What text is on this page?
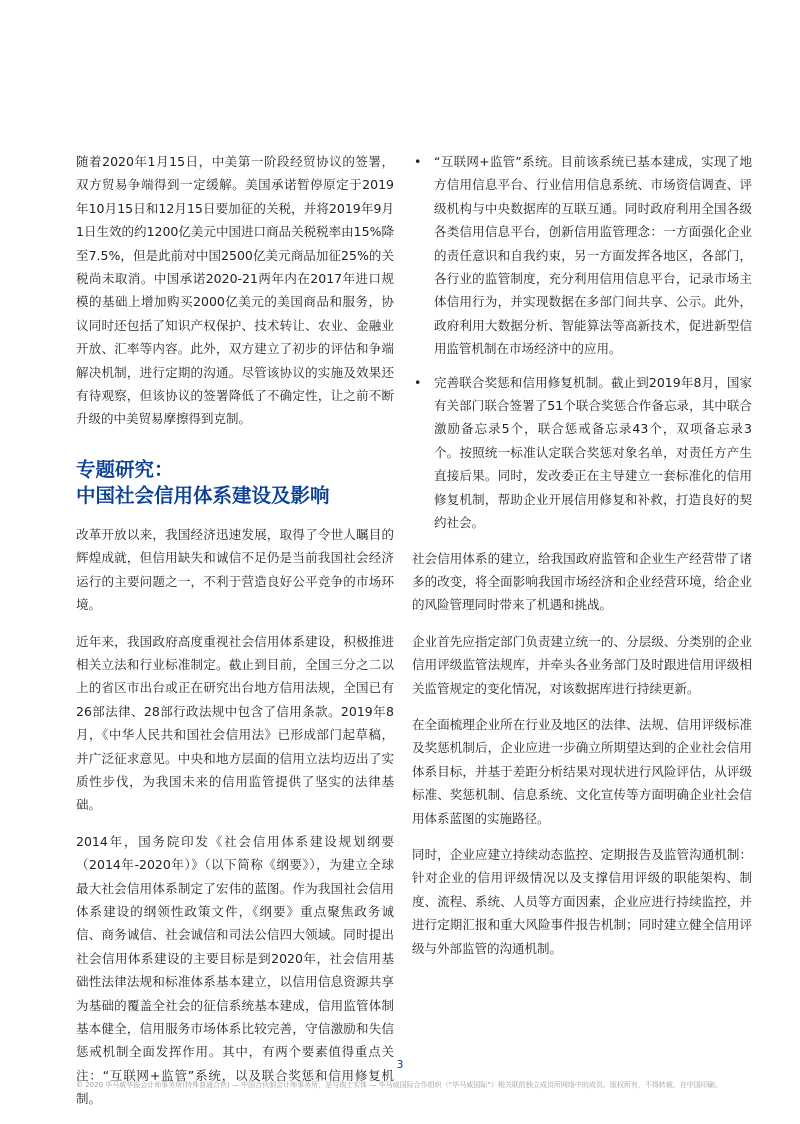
随着2020年1月15日，中美第一阶段经贸协议的签署，双方贸易争端得到一定缓解。美国承诺暂停原定于2019年10月15日和12月15日要加征的关税，并将2019年9月1日生效的约1200亿美元中国进口商品关税税率由15%降至7.5%，但是此前对中国2500亿美元商品加征25%的关税尚未取消。中国承诺2020-21两年内在2017年进口规模的基础上增加购买2000亿美元的美国商品和服务，协议同时还包括了知识产权保护、技术转让、农业、金融业开放、汇率等内容。此外，双方建立了初步的评估和争端解决机制，进行定期的沟通。尽管该协议的实施及效果还有待观察，但该协议的签署降低了不确定性，让之前不断升级的中美贸易摩擦得到克制。

专题研究：
中国社会信用体系建设及影响

改革开放以来，我国经济迅速发展，取得了令世人瞩目的辉煌成就，但信用缺失和诚信不足仍是当前我国社会经济运行的主要问题之一，不利于营造良好公平竞争的市场环境。

近年来，我国政府高度重视社会信用体系建设，积极推进相关立法和行业标准制定。截止到目前，全国三分之二以上的省区市出台或正在研究出台地方信用法规，全国已有26部法律、28部行政法规中包含了信用条款。2019年8月，《中华人民共和国社会信用法》已形成部门起草稿，并广泛征求意见。中央和地方层面的信用立法均迈出了实质性步伐，为我国未来的信用监管提供了坚实的法律基础。

2014年，国务院印发《社会信用体系建设规划纲要（2014年-2020年）》（以下简称《纲要》），为建立全球最大社会信用体系制定了宏伟的蓝图。作为我国社会信用体系建设的纲领性政策文件，《纲要》重点聚焦政务诚信、商务诚信、社会诚信和司法公信四大领域。同时提出社会信用体系建设的主要目标是到2020年，社会信用基础性法律法规和标准体系基本建立，以信用信息资源共享为基础的覆盖全社会的征信系统基本建成，信用监管体制基本健全，信用服务市场体系比较完善，守信激励和失信惩戒机制全面发挥作用。其中，有两个要素值得重点关注：“互联网+监管”系统，以及联合奖惩和信用修复机制。

• “互联网+监管”系统。目前该系统已基本建成，实现了地方信用信息平台、行业信用信息系统、市场资信调查、评级机构与中央数据库的互联互通。同时政府利用全国各级各类信用信息平台，创新信用监管理念：一方面强化企业的责任意识和自我约束，另一方面发挥各地区，各部门，各行业的监管制度，充分利用信用信息平台，记录市场主体信用行为，并实现数据在多部门间共享、公示。此外，政府利用大数据分析、智能算法等高新技术，促进新型信用监管机制在市场经济中的应用。
• 完善联合奖惩和信用修复机制。截止到2019年8月，国家有关部门联合签署了51个联合奖惩合作备忘录，其中联合激励备忘录5个，联合惩戒备忘录43个，双项备忘录3个。按照统一标准认定联合奖惩对象名单，对责任方产生直接后果。同时，发改委正在主导建立一套标准化的信用修复机制，帮助企业开展信用修复和补救，打造良好的契约社会。

社会信用体系的建立，给我国政府监管和企业生产经营带了诸多的改变，将全面影响我国市场经济和企业经营环境，给企业的风险管理同时带来了机遇和挑战。

企业首先应指定部门负责建立统一的、分层级、分类别的企业信用评级监管法规库，并牵头各业务部门及时跟进信用评级相关监管规定的变化情况，对该数据库进行持续更新。

在全面梳理企业所在行业及地区的法律、法规、信用评级标准及奖惩机制后，企业应进一步确立所期望达到的企业社会信用体系目标，并基于差距分析结果对现状进行风险评估，从评级标准、奖惩机制、信息系统、文化宣传等方面明确企业社会信用体系蓝图的实施路径。

同时，企业应建立持续动态监控、定期报告及监管沟通机制：针对企业的信用评级情况以及支撑信用评级的职能架构、制度、流程、系统、人员等方面因素，企业应进行持续监控，并进行定期汇报和重大风险事件报告机制；同时建立健全信用评级与外部监管的沟通机制。

3
© 2020 毕马威华振会计师事务所(特殊普通合伙) — 中国合伙制会计师事务所，是与瑞士实体 — 毕马威国际合作组织（“毕马威国际”）相关联的独立成员所网络中的成员。版权所有，不得转载。在中国印刷。
